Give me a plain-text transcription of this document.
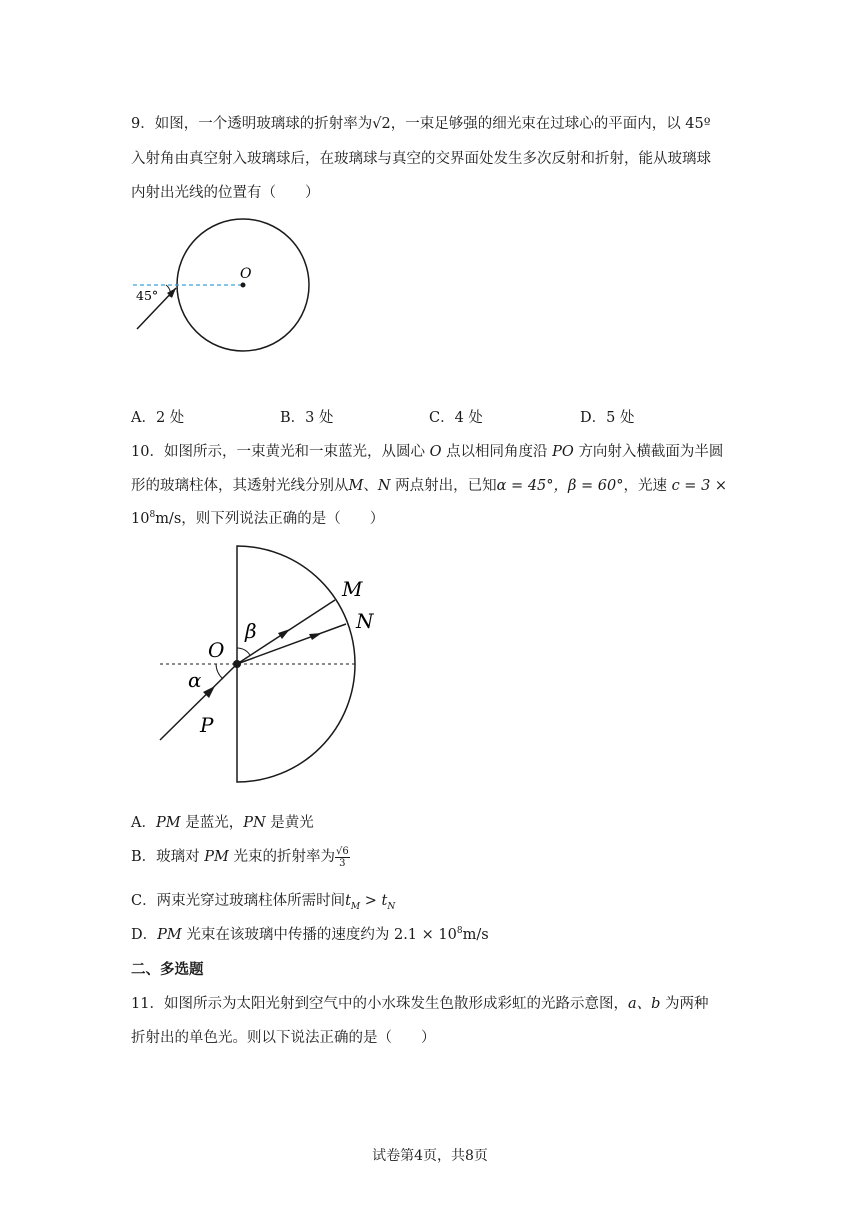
9．如图，一个透明玻璃球的折射率为√2，一束足够强的细光束在过球心的平面内，以 45º
入射角由真空射入玻璃球后，在玻璃球与真空的交界面处发生多次反射和折射，能从玻璃球
内射出光线的位置有（　　）
O
45°
A．2 处	B．3 处	C．4 处	D．5 处
10．如图所示，一束黄光和一束蓝光，从圆心 O 点以相同角度沿 PO 方向射入横截面为半圆
形的玻璃柱体，其透射光线分别从M、N 两点射出，已知α = 45°，β = 60°，光速 c = 3 ×
$10^8m/s$，则下列说法正确的是（　　）
M
N
O
P
α
β
A．PM 是蓝光，PN 是黄光
B．玻璃对 PM 光束的折射率为 $\frac{√6}{3}$
C．两束光穿过玻璃柱体所需时间$t_M > t_N$
D．PM 光束在该玻璃中传播的速度约为 $2.1 \times 10^8m/s$
二、多选题
11．如图所示为太阳光射到空气中的小水珠发生色散形成彩虹的光路示意图，a、b 为两种
折射出的单色光。则以下说法正确的是（　　）
试卷第4页，共8页
